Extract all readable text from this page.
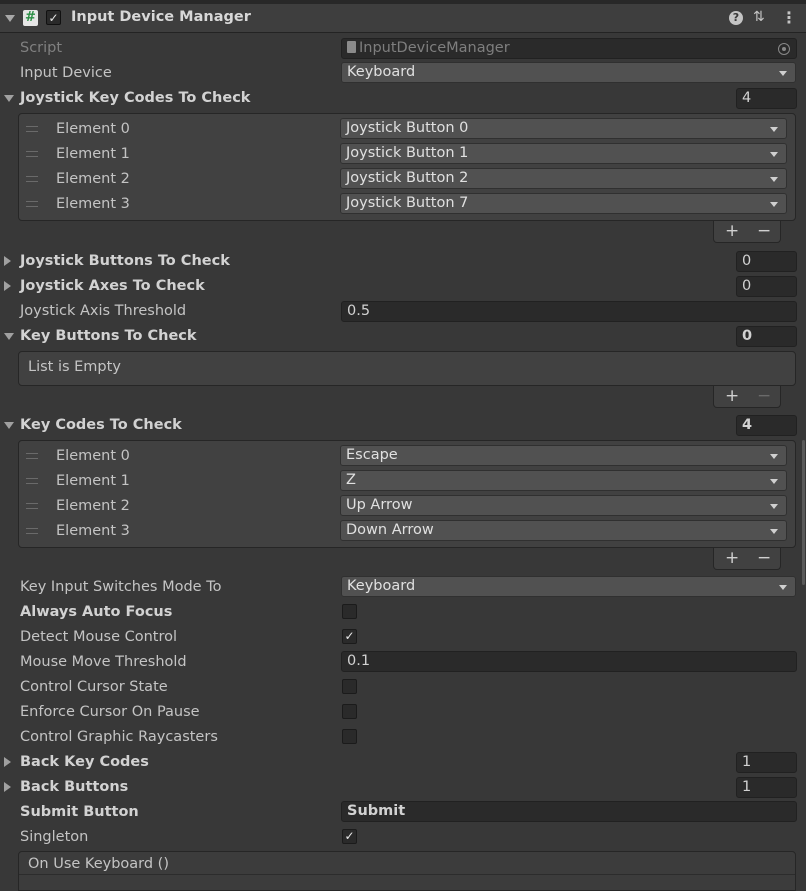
# ✓ Input Device Manager	? ⇅ ⋮
Script	InputDeviceManager
Input Device	Keyboard
Joystick Key Codes To Check	4
Element 0	Joystick Button 0
Element 1	Joystick Button 1
Element 2	Joystick Button 2
Element 3	Joystick Button 7
+ −
Joystick Buttons To Check	0
Joystick Axes To Check	0
Joystick Axis Threshold	0.5
Key Buttons To Check	0
List is Empty
+ −
Key Codes To Check	4
Element 0	Escape
Element 1	Z
Element 2	Up Arrow
Element 3	Down Arrow
+ −
Key Input Switches Mode To	Keyboard
Always Auto Focus
Detect Mouse Control	✓
Mouse Move Threshold	0.1
Control Cursor State
Enforce Cursor On Pause
Control Graphic Raycasters
Back Key Codes	1
Back Buttons	1
Submit Button	Submit
Singleton	✓
On Use Keyboard ()
